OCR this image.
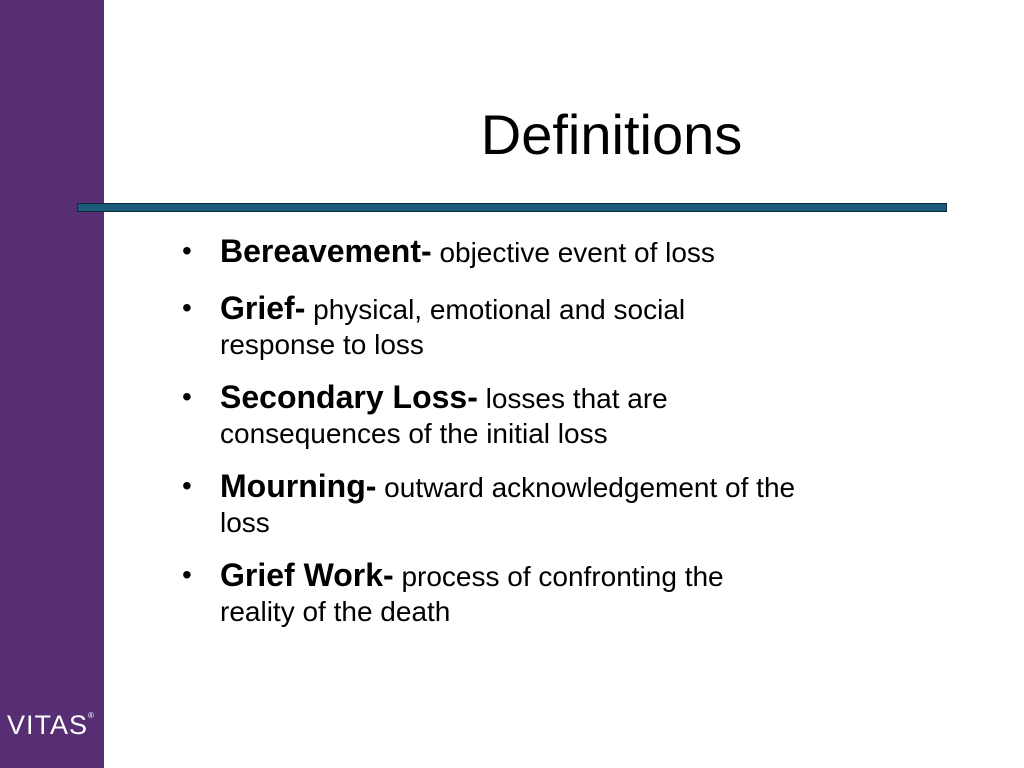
VITAS®
Definitions
• Bereavement- objective event of loss
• Grief- physical, emotional and social
response to loss
• Secondary Loss- losses that are
consequences of the initial loss
• Mourning- outward acknowledgement of the
loss
• Grief Work- process of confronting the
reality of the death
